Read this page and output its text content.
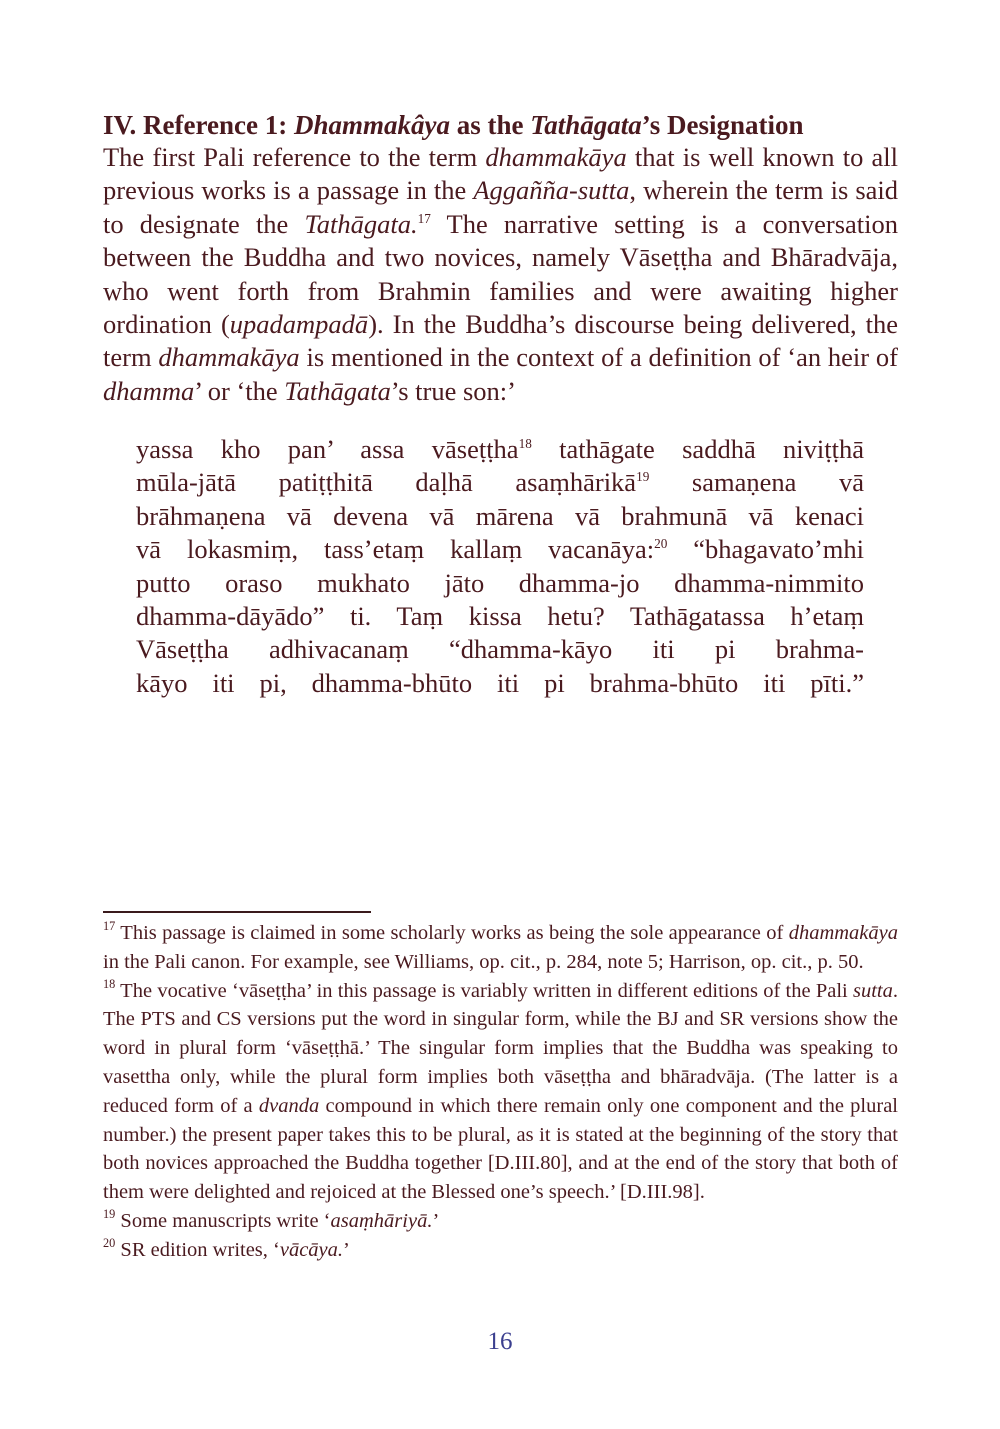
IV. Reference 1: Dhammakâya as the Tathāgata’s Designation
The first Pali reference to the term dhammakāya that is well known to all previous works is a passage in the Aggañña-sutta, wherein the term is said to designate the Tathāgata.$^{17}$ The narrative setting is a conversation between the Buddha and two novices, namely Vāseṭṭha and Bhāradvāja, who went forth from Brahmin families and were awaiting higher ordination (upadampadā). In the Buddha’s discourse being delivered, the term dhammakāya is mentioned in the context of a definition of ‘an heir of dhamma’ or ‘the Tathāgata’s true son:’
yassa kho pan’ assa vāseṭṭha$^{18}$ tathāgate saddhā niviṭṭhā
mūla-jātā patiṭṭhitā daḷhā asaṃhārikā$^{19}$ samaṇena vā
brāhmaṇena vā devena vā mārena vā brahmunā vā kenaci
vā lokasmiṃ, tass’etaṃ kallaṃ vacanāya:$^{20}$ “bhagavato’mhi
putto oraso mukhato jāto dhamma-jo dhamma-nimmito
dhamma-dāyādo” ti. Taṃ kissa hetu? Tathāgatassa h’etaṃ
Vāseṭṭha adhivacanaṃ “dhamma-kāyo iti pi brahma-
kāyo iti pi, dhamma-bhūto iti pi brahma-bhūto iti pīti.”
$^{17}$ This passage is claimed in some scholarly works as being the sole appearance of dhammakāya in the Pali canon. For example, see Williams, op. cit., p. 284, note 5; Harrison, op. cit., p. 50.
$^{18}$ The vocative ‘vāseṭṭha’ in this passage is variably written in different editions of the Pali sutta. The PTS and CS versions put the word in singular form, while the BJ and SR versions show the word in plural form ‘vāseṭṭhā.’ The singular form implies that the Buddha was speaking to vasettha only, while the plural form implies both vāseṭṭha and bhāradvāja. (The latter is a reduced form of a dvanda compound in which there remain only one component and the plural number.) the present paper takes this to be plural, as it is stated at the beginning of the story that both novices approached the Buddha together [D.III.80], and at the end of the story that both of them were delighted and rejoiced at the Blessed one’s speech.’ [D.III.98].
$^{19}$ Some manuscripts write ‘asaṃhāriyā.’
$^{20}$ SR edition writes, ‘vācāya.’
16
